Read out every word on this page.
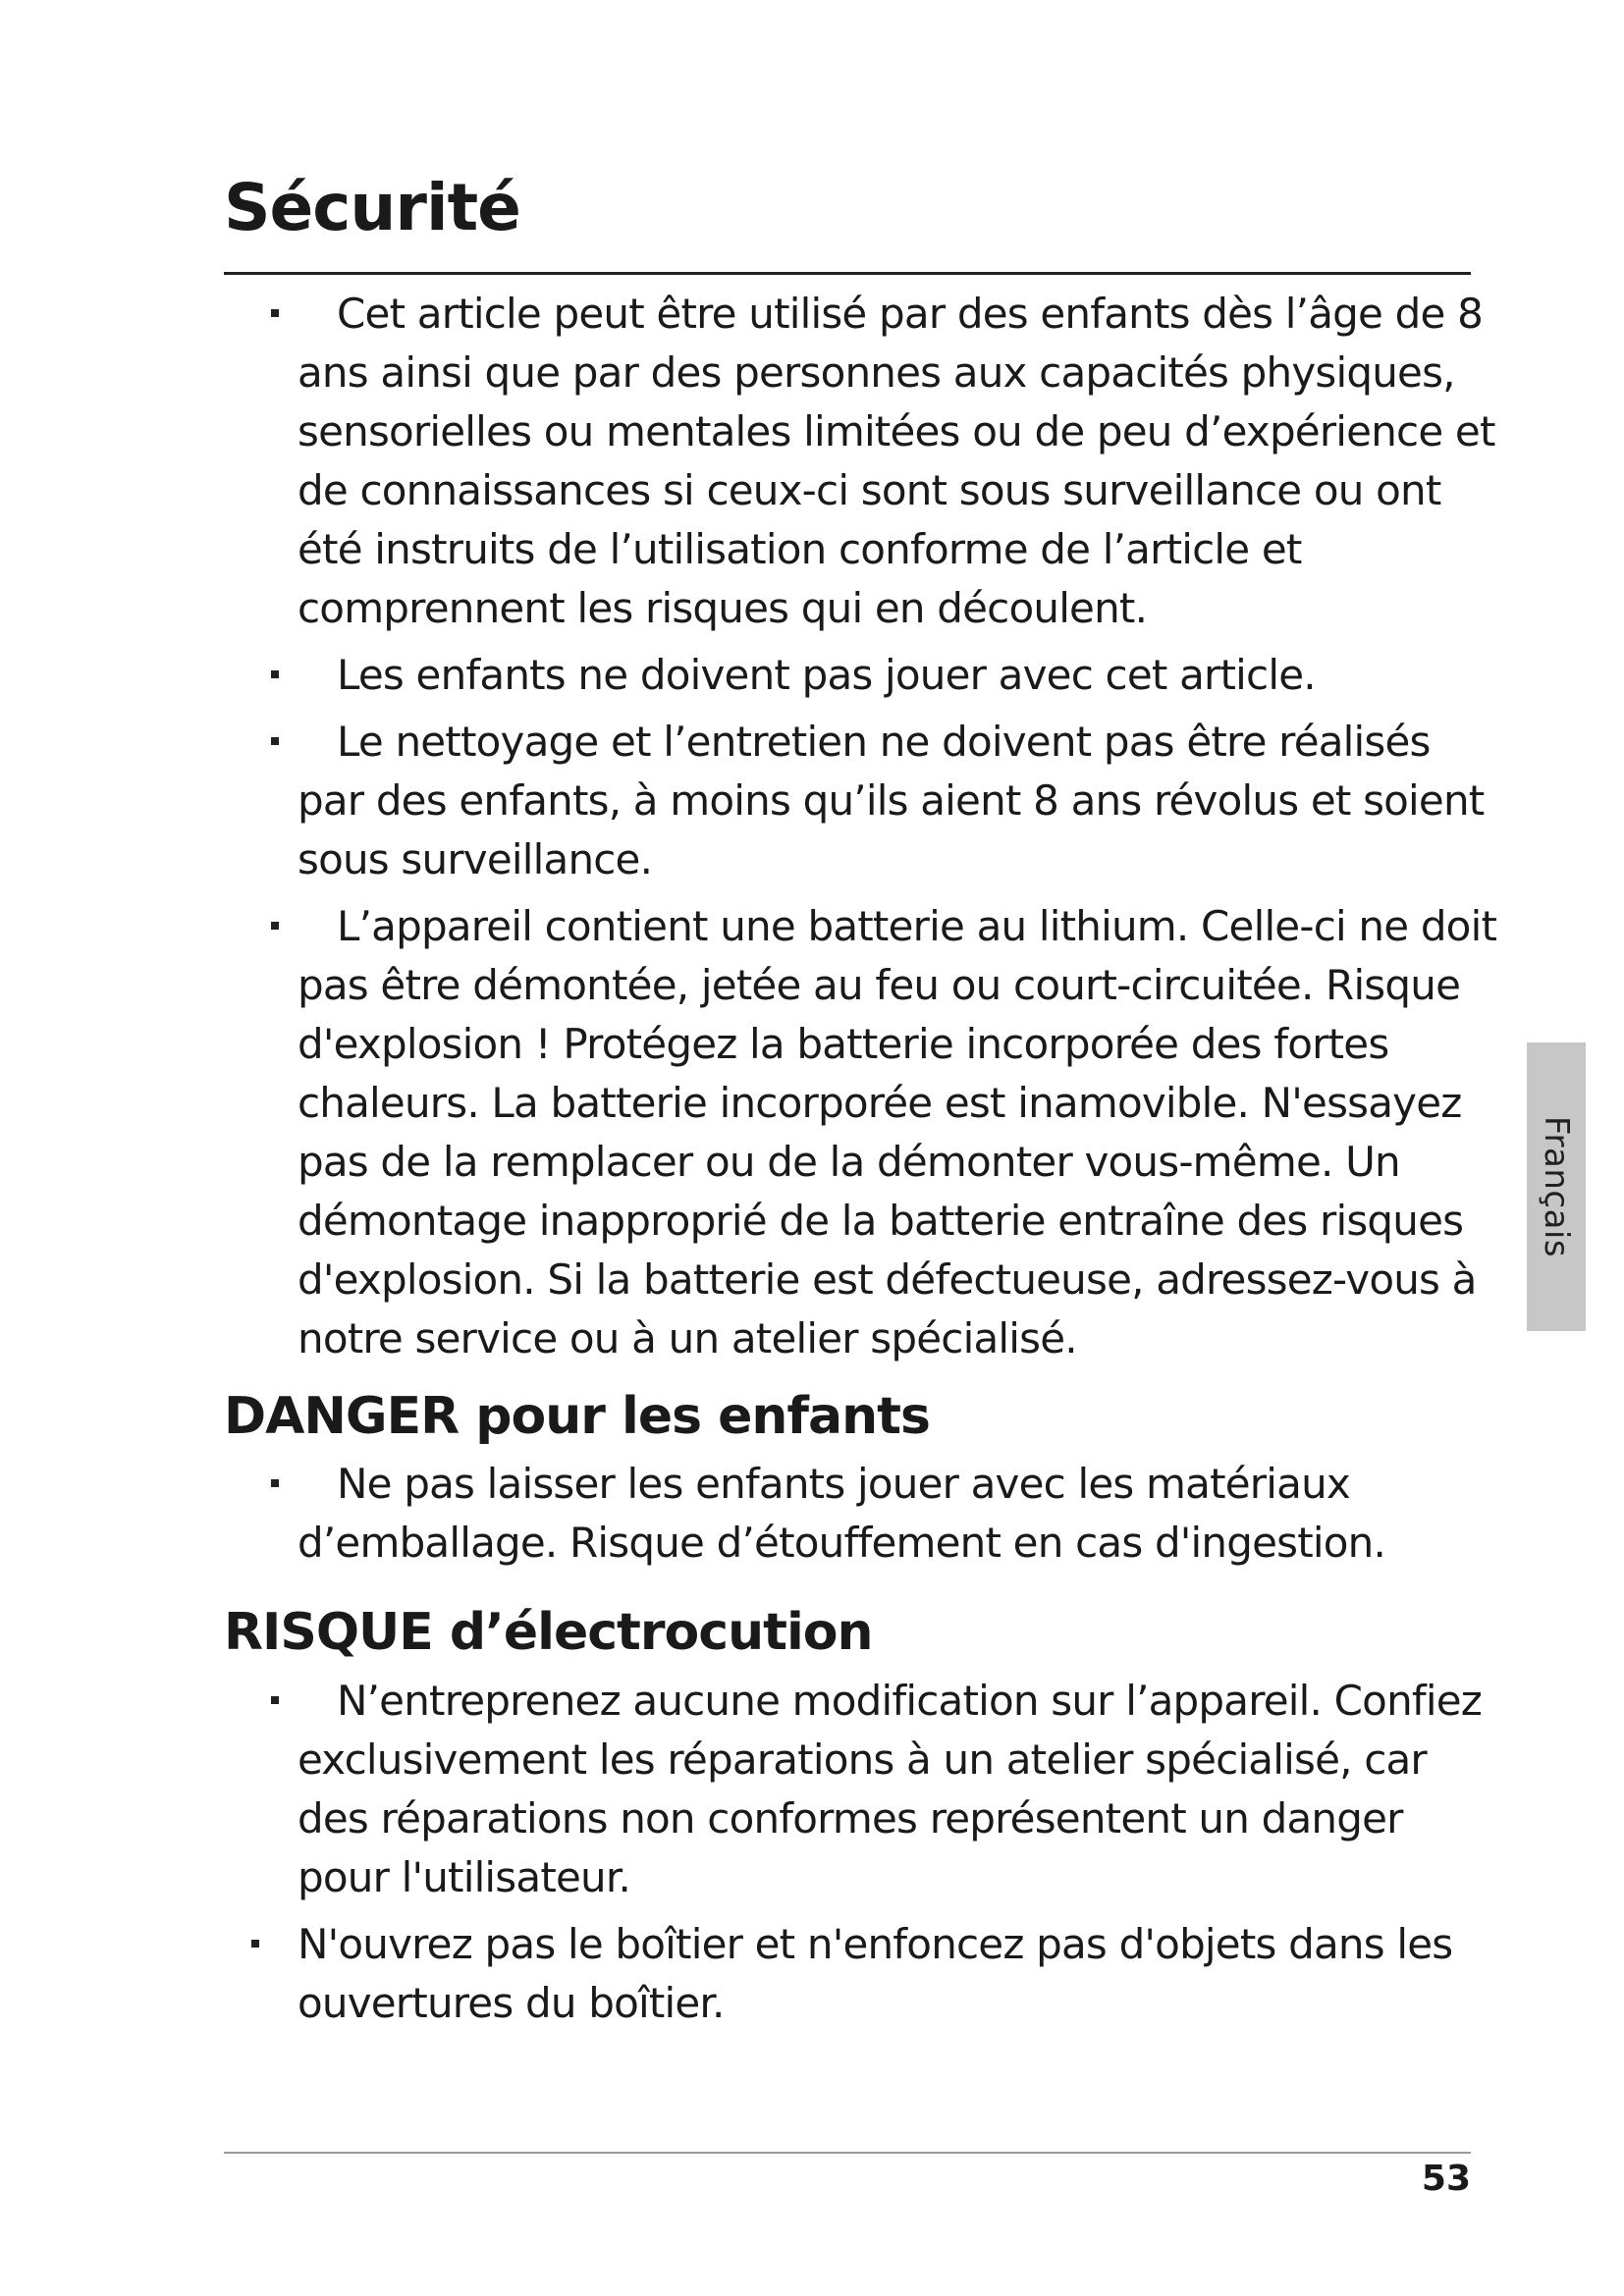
Sécurité
Cet article peut être utilisé par des enfants dès l’âge de 8 ans ainsi que par des personnes aux capacités physiques, sensorielles ou mentales limitées ou de peu d’expérience et de connaissances si ceux-ci sont sous surveillance ou ont été instruits de l’utilisation conforme de l’article et comprennent les risques qui en découlent.
Les enfants ne doivent pas jouer avec cet article.
Le nettoyage et l’entretien ne doivent pas être réalisés par des enfants, à moins qu’ils aient 8 ans révolus et soient sous surveillance.
L’appareil contient une batterie au lithium. Celle-ci ne doit pas être démontée, jetée au feu ou court-circuitée. Risque d'explosion ! Protégez la batterie incorporée des fortes chaleurs. La batterie incorporée est inamovible. N'essayez pas de la remplacer ou de la démonter vous-même. Un démontage inapproprié de la batterie entraîne des risques d'explosion. Si la batterie est défectueuse, adressez-vous à notre service ou à un atelier spécialisé.
DANGER pour les enfants
Ne pas laisser les enfants jouer avec les matériaux d’emballage. Risque d’étouffement en cas d'ingestion.
RISQUE d’électrocution
N’entreprenez aucune modification sur l’appareil. Confiez exclusivement les réparations à un atelier spécialisé, car des réparations non conformes représentent un danger pour l'utilisateur.
N'ouvrez pas le boîtier et n'enfoncez pas d'objets dans les ouvertures du boîtier.
Français
53
